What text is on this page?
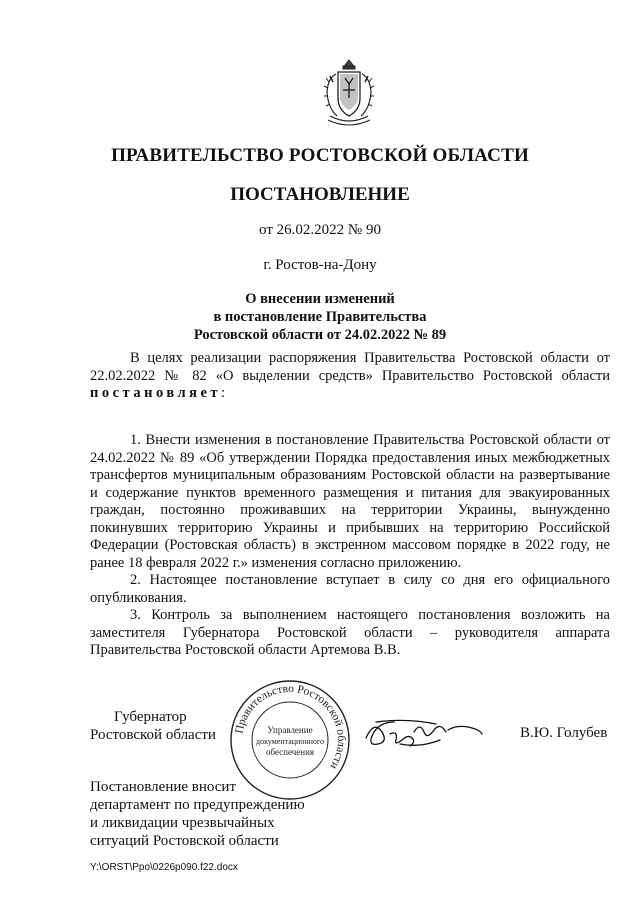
ПРАВИТЕЛЬСТВО РОСТОВСКОЙ ОБЛАСТИ
ПОСТАНОВЛЕНИЕ
от 26.02.2022 № 90
г. Ростов-на-Дону
О внесении изменений
в постановление Правительства
Ростовской области от 24.02.2022 № 89

В целях реализации распоряжения Правительства Ростовской области от 22.02.2022 № 82 «О выделении средств» Правительство Ростовской области постановляет:

1. Внести изменения в постановление Правительства Ростовской области от 24.02.2022 № 89 «Об утверждении Порядка предоставления иных межбюджетных трансфертов муниципальным образованиям Ростовской области на развертывание и содержание пунктов временного размещения и питания для эвакуированных граждан, постоянно проживавших на территории Украины, вынужденно покинувших территорию Украины и прибывших на территорию Российской Федерации (Ростовская область) в экстренном массовом порядке в 2022 году, не ранее 18 февраля 2022 г.» изменения согласно приложению.

2. Настоящее постановление вступает в силу со дня его официального опубликования.

3. Контроль за выполнением настоящего постановления возложить на заместителя Губернатора Ростовской области – руководителя аппарата Правительства Ростовской области Артемова В.В.

Губернатор
Ростовской области Правительство Ростовской области
Управление
документационного
обеспечения
В.Ю. Голубев
Постановление вносит
департамент по предупреждению
и ликвидации чрезвычайных
ситуаций Ростовской области
Y:\ORST\Ppo\0226p090.f22.docx
